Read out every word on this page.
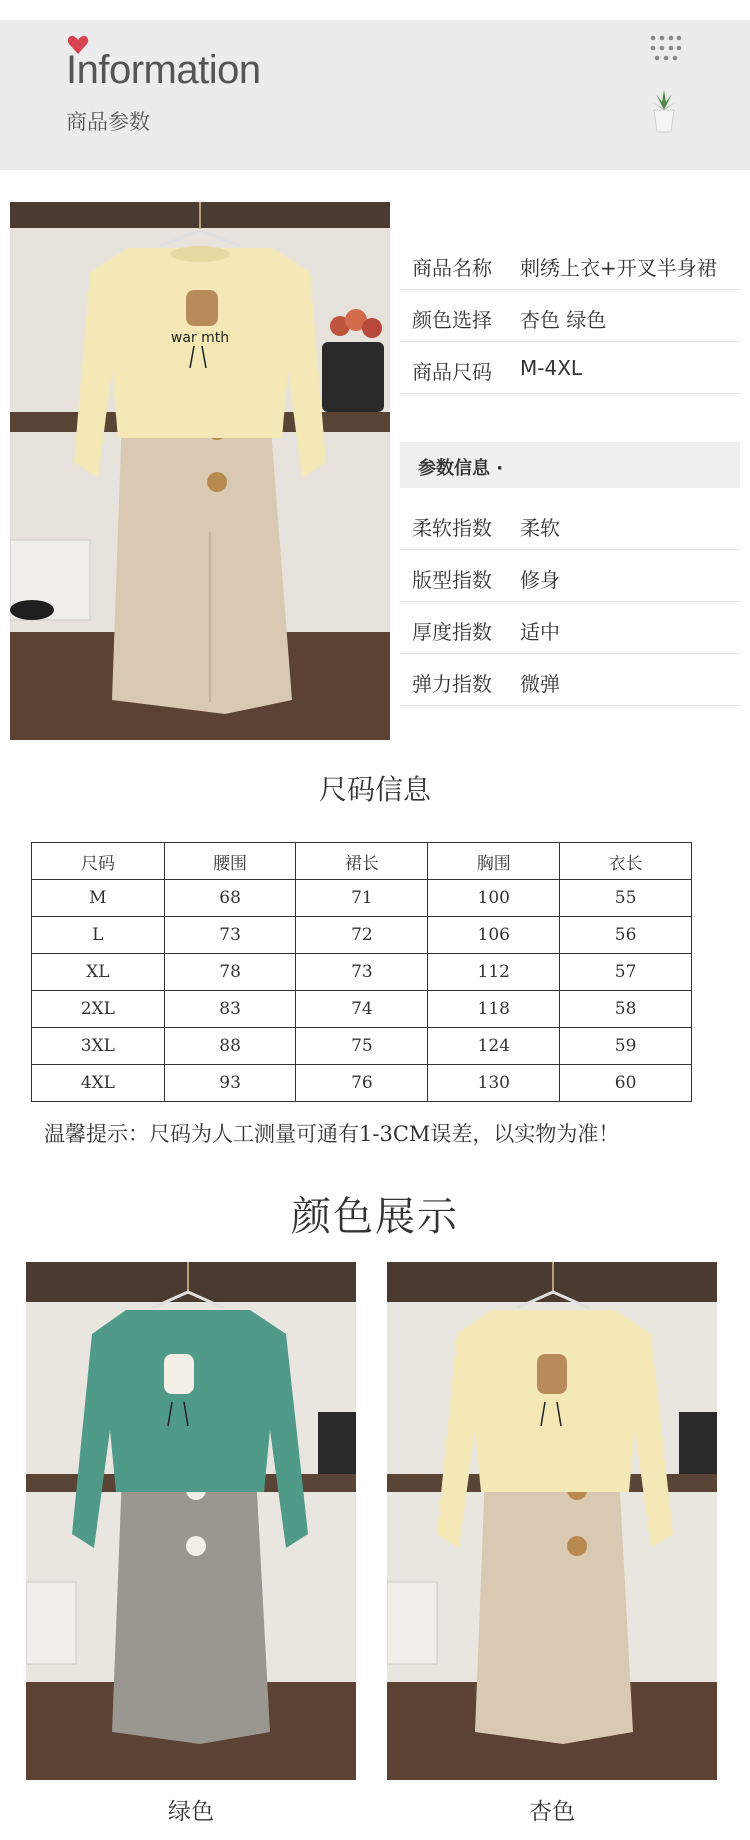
Information
商品参数
war mth
商品名称 刺绣上衣+开叉半身裙
颜色选择 杏色 绿色
商品尺码 M-4XL
参数信息 ·
柔软指数 柔软
版型指数 修身
厚度指数 适中
弹力指数 微弹
尺码信息
尺码	腰围	裙长	胸围	衣长
M	68	71	100	55
L	73	72	106	56
XL	78	73	112	57
2XL	83	74	118	58
3XL	88	75	124	59
4XL	93	76	130	60
温馨提示：尺码为人工测量可通有1-3CM误差，以实物为准！
颜色展示
绿色	杏色
